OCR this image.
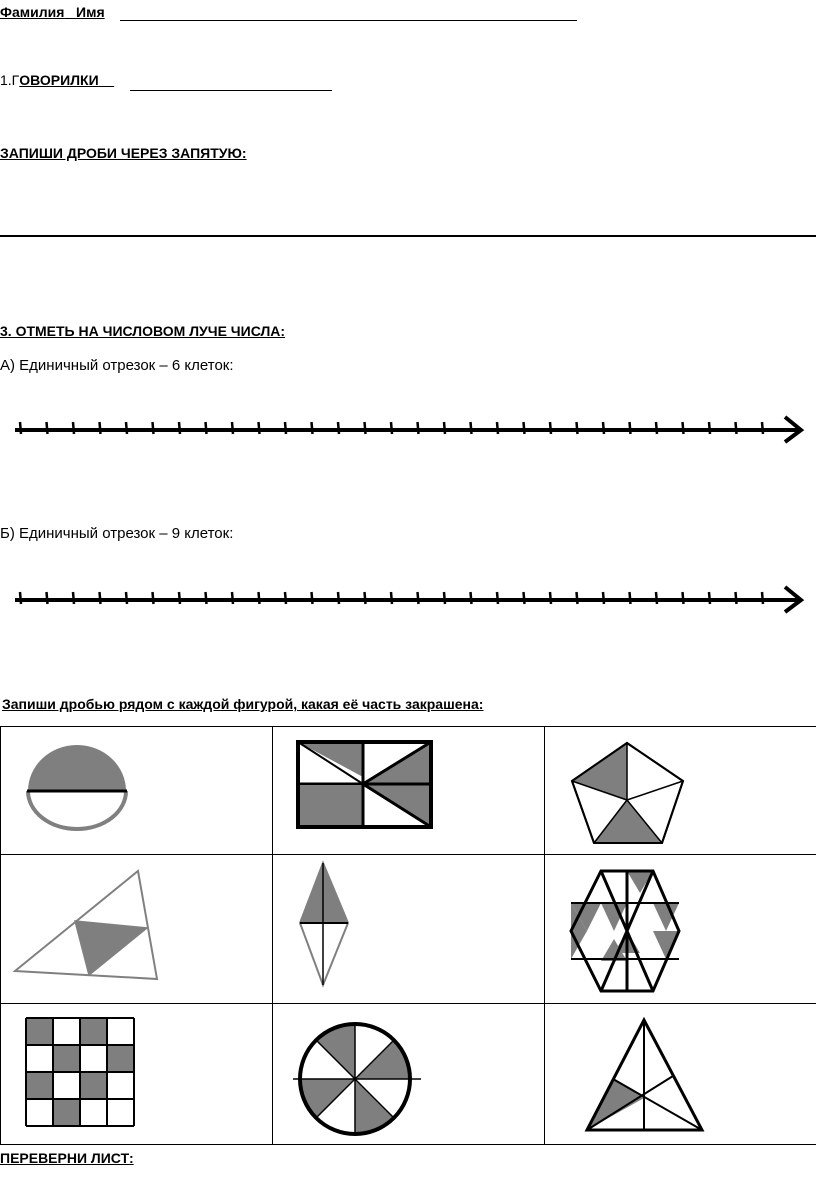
Фамилия Имя
1.ГОВОРИЛКИ
ЗАПИШИ ДРОБИ ЧЕРЕЗ ЗАПЯТУЮ:
3. ОТМЕТЬ НА ЧИСЛОВОМ ЛУЧЕ ЧИСЛА:
А) Единичный отрезок – 6 клеток:
Б) Единичный отрезок – 9 клеток:
Запиши дробью рядом с каждой фигурой, какая её часть закрашена:

ПЕРЕВЕРНИ ЛИСТ:
